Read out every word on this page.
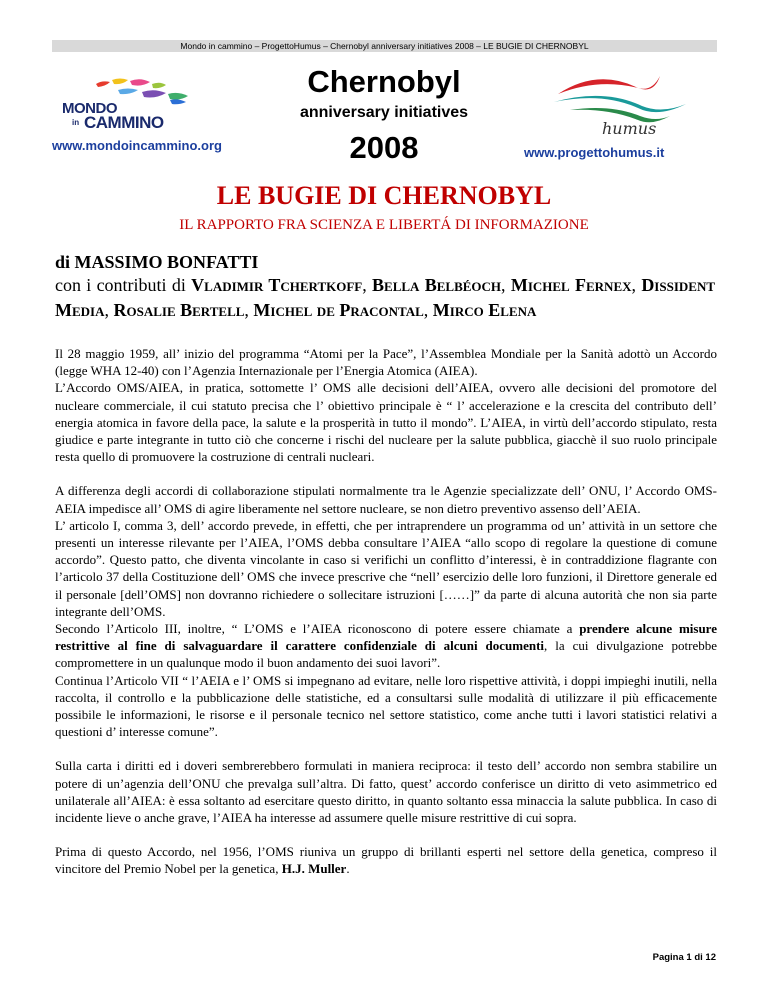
Mondo in cammino – ProgettoHumus – Chernobyl anniversary initiatives 2008 – LE BUGIE DI CHERNOBYL
MONDO
in CAMMINO
www.mondoincammino.org
Chernobyl
anniversary initiatives
2008
humus
www.progettohumus.it
LE BUGIE DI CHERNOBYL
IL RAPPORTO FRA SCIENZA E LIBERTÁ DI INFORMAZIONE
di MASSIMO BONFATTI
con i contributi di Vladimir Tchertkoff, Bella Belbéoch, Michel Fernex, Dissident Media, Rosalie Bertell, Michel de Pracontal, Mirco Elena

Il 28 maggio 1959, all’ inizio del programma “Atomi per la Pace”, l’Assemblea Mondiale per la Sanità adottò un Accordo (legge WHA 12-40) con l’Agenzia Internazionale per l’Energia Atomica (AIEA).

L’Accordo OMS/AIEA, in pratica, sottomette l’ OMS alle decisioni dell’AIEA, ovvero alle decisioni del promotore del nucleare commerciale, il cui statuto precisa che l’ obiettivo principale è “ l’ accelerazione e la crescita del contributo dell’ energia atomica in favore della pace, la salute e la prosperità in tutto il mondo”. L’AIEA, in virtù dell’accordo stipulato, resta giudice e parte integrante in tutto ciò che concerne i rischi del nucleare per la salute pubblica, giacchè il suo ruolo principale resta quello di promuovere la costruzione di centrali nucleari.

A differenza degli accordi di collaborazione stipulati normalmente tra le Agenzie specializzate dell’ ONU, l’ Accordo OMS-AEIA impedisce all’ OMS di agire liberamente nel settore nucleare, se non dietro preventivo assenso dell’AEIA.

L’ articolo I, comma 3, dell’ accordo prevede, in effetti, che per intraprendere un programma od un’ attività in un settore che presenti un interesse rilevante per l’AIEA, l’OMS debba consultare l’AIEA “allo scopo di regolare la questione di comune accordo”. Questo patto, che diventa vincolante in caso si verifichi un conflitto d’interessi, è in contraddizione flagrante con l’articolo 37 della Costituzione dell’ OMS che invece prescrive che “nell’ esercizio delle loro funzioni, il Direttore generale ed il personale [dell’OMS] non dovranno richiedere o sollecitare istruzioni [……]” da parte di alcuna autorità che non sia parte integrante dell’OMS.

Secondo l’Articolo III, inoltre, “ L’OMS e l’AIEA riconoscono di potere essere chiamate a prendere alcune misure restrittive al fine di salvaguardare il carattere confidenziale di alcuni documenti, la cui divulgazione potrebbe compromettere in un qualunque modo il buon andamento dei suoi lavori”.

Continua l’Articolo VII “ l’AEIA e l’ OMS si impegnano ad evitare, nelle loro rispettive attività, i doppi impieghi inutili, nella raccolta, il controllo e la pubblicazione delle statistiche, ed a consultarsi sulle modalità di utilizzare il più efficacemente possibile le informazioni, le risorse e il personale tecnico nel settore statistico, come anche tutti i lavori statistici relativi a questioni d’ interesse comune”.

Sulla carta i diritti ed i doveri sembrerebbero formulati in maniera reciproca: il testo dell’ accordo non sembra stabilire un potere di un’agenzia dell’ONU che prevalga sull’altra. Di fatto, quest’ accordo conferisce un diritto di veto asimmetrico ed unilaterale all’AIEA: è essa soltanto ad esercitare questo diritto, in quanto soltanto essa minaccia la salute pubblica. In caso di incidente lieve o anche grave, l’AIEA ha interesse ad assumere quelle misure restrittive di cui sopra.

Prima di questo Accordo, nel 1956, l’OMS riuniva un gruppo di brillanti esperti nel settore della genetica, compreso il vincitore del Premio Nobel per la genetica, H.J. Muller.

Pagina 1 di 12
